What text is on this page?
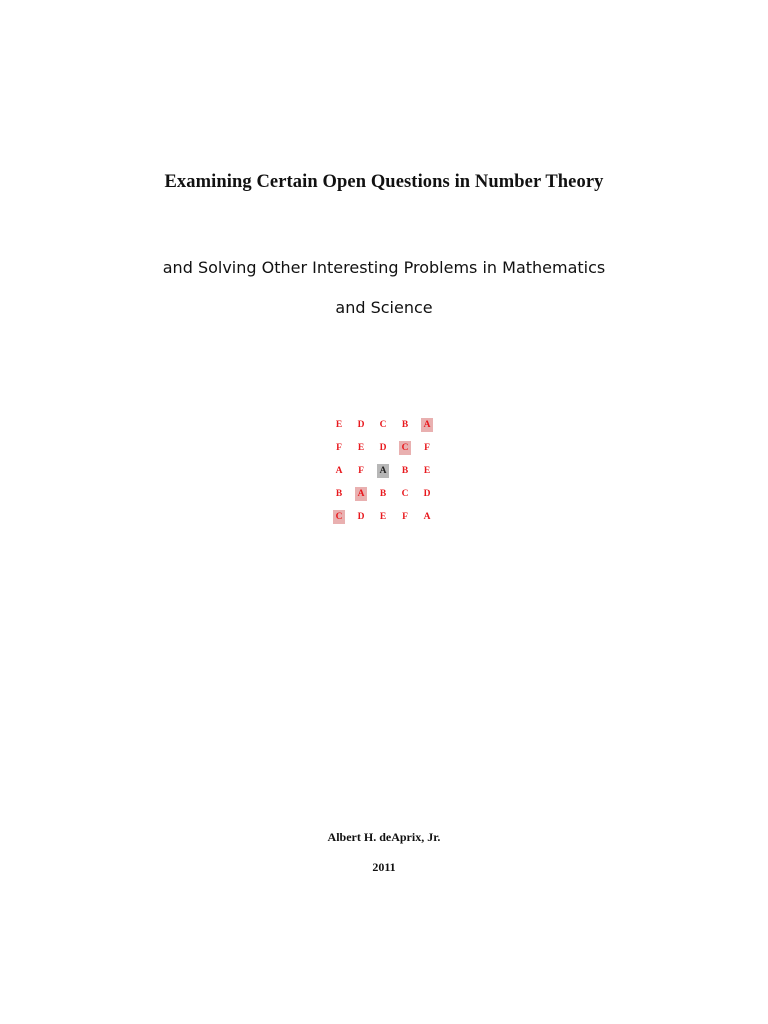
Examining Certain Open Questions in Number Theory
and Solving Other Interesting Problems in Mathematics
and Science
E D C B A
F	E D C	F
A	F	A B E
B A B C D
C D E	F	A
Albert H. deAprix, Jr.
2011
